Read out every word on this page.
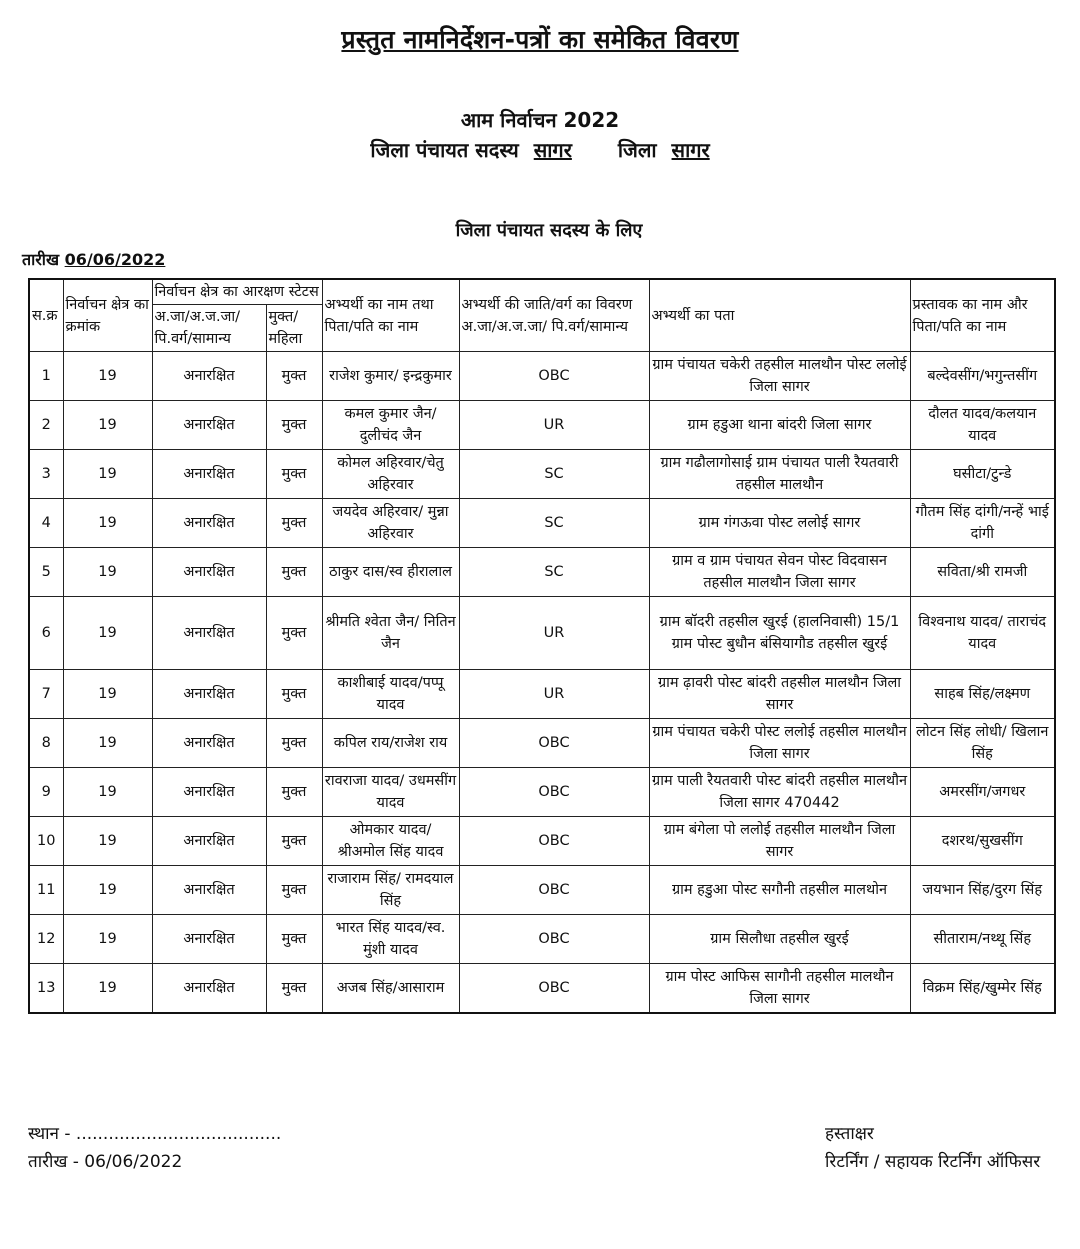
प्रस्तुत नामनिर्देशन-पत्रों का समेकित विवरण
आम निर्वाचन 2022
जिला पंचायत सदस्य सागर जिला सागर
जिला पंचायत सदस्य के लिए
तारीख 06/06/2022
स.क्र	निर्वाचन क्षेत्र का क्रमांक	निर्वाचन क्षेत्र का आरक्षण स्टेटस		अभ्यर्थी का नाम तथा पिता/पति का नाम	अभ्यर्थी की जाति/वर्ग का विवरण अ.जा/अ.ज.जा/ पि.वर्ग/सामान्य	अभ्यर्थी का पता	प्रस्तावक का नाम और पिता/पति का नाम
		अ.जा/अ.ज.जा/ पि.वर्ग/सामान्य	मुक्त/ महिला				
1	19	अनारक्षित	मुक्त	राजेश कुमार/ इन्द्रकुमार	OBC	ग्राम पंचायत चकेरी तहसील मालथौन पोस्ट ललोई जिला सागर	बल्देवसींग/भगुन्तसींग
2	19	अनारक्षित	मुक्त	कमल कुमार जैन/ दुलीचंद जैन	UR	ग्राम हडुआ थाना बांदरी जिला सागर	दौलत यादव/कलयान यादव
3	19	अनारक्षित	मुक्त	कोमल अहिरवार/चेतु अहिरवार	SC	ग्राम गढौलागोसाई ग्राम पंचायत पाली रैयतवारी तहसील मालथौन	घसीटा/टुन्डे
4	19	अनारक्षित	मुक्त	जयदेव अहिरवार/ मुन्ना अहिरवार	SC	ग्राम गंगऊवा पोस्ट ललोई सागर	गौतम सिंह दांगी/नन्हें भाई दांगी
5	19	अनारक्षित	मुक्त	ठाकुर दास/स्व हीरालाल	SC	ग्राम व ग्राम पंचायत सेवन पोस्ट विदवासन तहसील मालथौन जिला सागर	सविता/श्री रामजी
6	19	अनारक्षित	मुक्त	श्रीमति श्वेता जैन/ नितिन जैन	UR	ग्राम बॉदरी तहसील खुरई (हालनिवासी) 15/1 ग्राम पोस्ट बुधौन बंसियागौड तहसील खुरई	विश्वनाथ यादव/ ताराचंद यादव
7	19	अनारक्षित	मुक्त	काशीबाई यादव/पप्पू यादव	UR	ग्राम ढ़ावरी पोस्ट बांदरी तहसील मालथौन जिला सागर	साहब सिंह/लक्ष्मण
8	19	अनारक्षित	मुक्त	कपिल राय/राजेश राय	OBC	ग्राम पंचायत चकेरी पोस्ट ललोई तहसील मालथौन जिला सागर	लोटन सिंह लोधी/ खिलान सिंह
9	19	अनारक्षित	मुक्त	रावराजा यादव/ उधमसींग यादव	OBC	ग्राम पाली रैयतवारी पोस्ट बांदरी तहसील मालथौन जिला सागर 470442	अमरसींग/जगधर
10	19	अनारक्षित	मुक्त	ओमकार यादव/ श्रीअमोल सिंह यादव	OBC	ग्राम बंगेला पो ललोई तहसील मालथौन जिला सागर	दशरथ/सुखसींग
11	19	अनारक्षित	मुक्त	राजाराम सिंह/ रामदयाल सिंह	OBC	ग्राम हडुआ पोस्ट सगौनी तहसील मालथोन	जयभान सिंह/दुरग सिंह
12	19	अनारक्षित	मुक्त	भारत सिंह यादव/स्व. मुंशी यादव	OBC	ग्राम सिलौधा तहसील खुरई	सीताराम/नथ्थू सिंह
13	19	अनारक्षित	मुक्त	अजब सिंह/आसाराम	OBC	ग्राम पोस्ट आफिस सागौनी तहसील मालथौन जिला सागर	विक्रम सिंह/खुम्मेर सिंह
स्थान - ......................................
तारीख - 06/06/2022
हस्ताक्षर
रिटर्निंग / सहायक रिटर्निंग ऑफिसर
